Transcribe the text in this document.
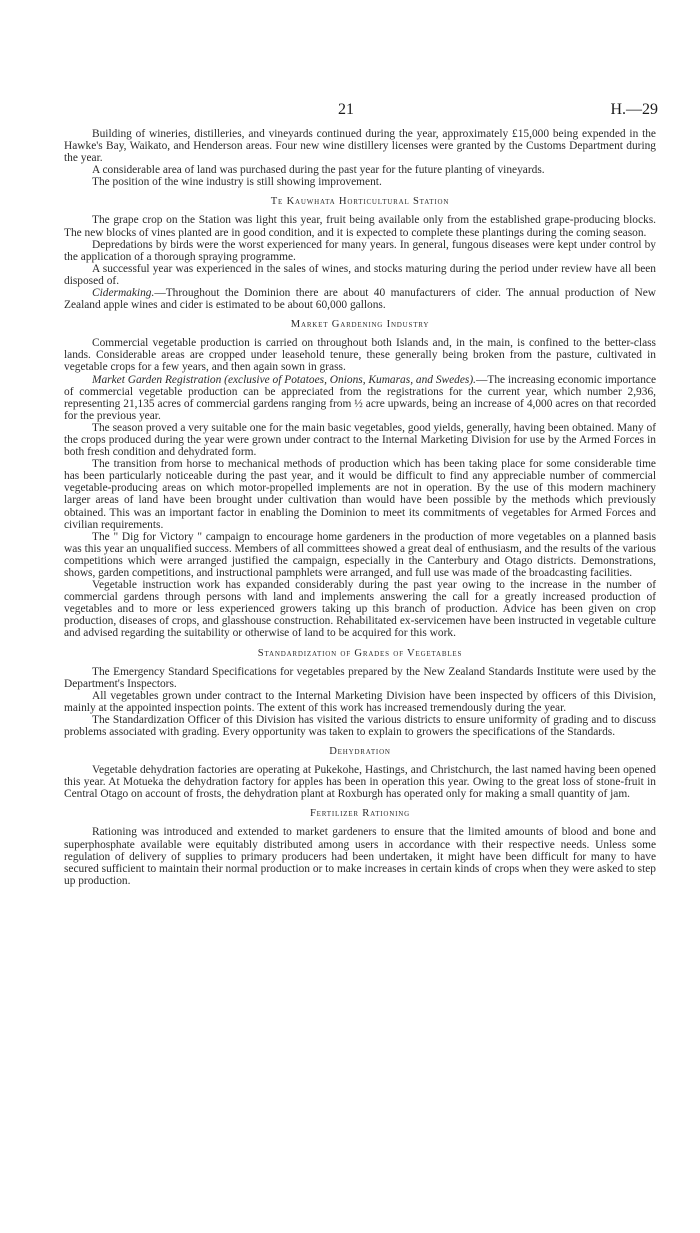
21	H.—29

Building of wineries, distilleries, and vineyards continued during the year, approximately £15,000 being expended in the Hawke's Bay, Waikato, and Henderson areas. Four new wine distillery licenses were granted by the Customs Department during the year.

A considerable area of land was purchased during the past year for the future planting of vineyards.

The position of the wine industry is still showing improvement.

Te Kauwhata Horticultural Station

The grape crop on the Station was light this year, fruit being available only from the established grape-producing blocks. The new blocks of vines planted are in good condition, and it is expected to complete these plantings during the coming season.

Depredations by birds were the worst experienced for many years. In general, fungous diseases were kept under control by the application of a thorough spraying programme.

A successful year was experienced in the sales of wines, and stocks maturing during the period under review have all been disposed of.

Cidermaking.—Throughout the Dominion there are about 40 manufacturers of cider. The annual production of New Zealand apple wines and cider is estimated to be about 60,000 gallons.

Market Gardening Industry

Commercial vegetable production is carried on throughout both Islands and, in the main, is confined to the better-class lands. Considerable areas are cropped under leasehold tenure, these generally being broken from the pasture, cultivated in vegetable crops for a few years, and then again sown in grass.

Market Garden Registration (exclusive of Potatoes, Onions, Kumaras, and Swedes).—The increasing economic importance of commercial vegetable production can be appreciated from the registrations for the current year, which number 2,936, representing 21,135 acres of commercial gardens ranging from ½ acre upwards, being an increase of 4,000 acres on that recorded for the previous year.

The season proved a very suitable one for the main basic vegetables, good yields, generally, having been obtained. Many of the crops produced during the year were grown under contract to the Internal Marketing Division for use by the Armed Forces in both fresh condition and dehydrated form.

The transition from horse to mechanical methods of production which has been taking place for some considerable time has been particularly noticeable during the past year, and it would be difficult to find any appreciable number of commercial vegetable-producing areas on which motor-propelled implements are not in operation. By the use of this modern machinery larger areas of land have been brought under cultivation than would have been possible by the methods which previously obtained. This was an important factor in enabling the Dominion to meet its commitments of vegetables for Armed Forces and civilian requirements.

The " Dig for Victory " campaign to encourage home gardeners in the production of more vegetables on a planned basis was this year an unqualified success. Members of all committees showed a great deal of enthusiasm, and the results of the various competitions which were arranged justified the campaign, especially in the Canterbury and Otago districts. Demonstrations, shows, garden competitions, and instructional pamphlets were arranged, and full use was made of the broadcasting facilities.

Vegetable instruction work has expanded considerably during the past year owing to the increase in the number of commercial gardens through persons with land and implements answering the call for a greatly increased production of vegetables and to more or less experienced growers taking up this branch of production. Advice has been given on crop production, diseases of crops, and glasshouse construction. Rehabilitated ex-servicemen have been instructed in vegetable culture and advised regarding the suitability or otherwise of land to be acquired for this work.

Standardization of Grades of Vegetables

The Emergency Standard Specifications for vegetables prepared by the New Zealand Standards Institute were used by the Department's Inspectors.

All vegetables grown under contract to the Internal Marketing Division have been inspected by officers of this Division, mainly at the appointed inspection points. The extent of this work has increased tremendously during the year.

The Standardization Officer of this Division has visited the various districts to ensure uniformity of grading and to discuss problems associated with grading. Every opportunity was taken to explain to growers the specifications of the Standards.

Dehydration

Vegetable dehydration factories are operating at Pukekohe, Hastings, and Christchurch, the last named having been opened this year. At Motueka the dehydration factory for apples has been in operation this year. Owing to the great loss of stone-fruit in Central Otago on account of frosts, the dehydration plant at Roxburgh has operated only for making a small quantity of jam.

Fertilizer Rationing

Rationing was introduced and extended to market gardeners to ensure that the limited amounts of blood and bone and superphosphate available were equitably distributed among users in accordance with their respective needs. Unless some regulation of delivery of supplies to primary producers had been undertaken, it might have been difficult for many to have secured sufficient to maintain their normal production or to make increases in certain kinds of crops when they were asked to step up production.
